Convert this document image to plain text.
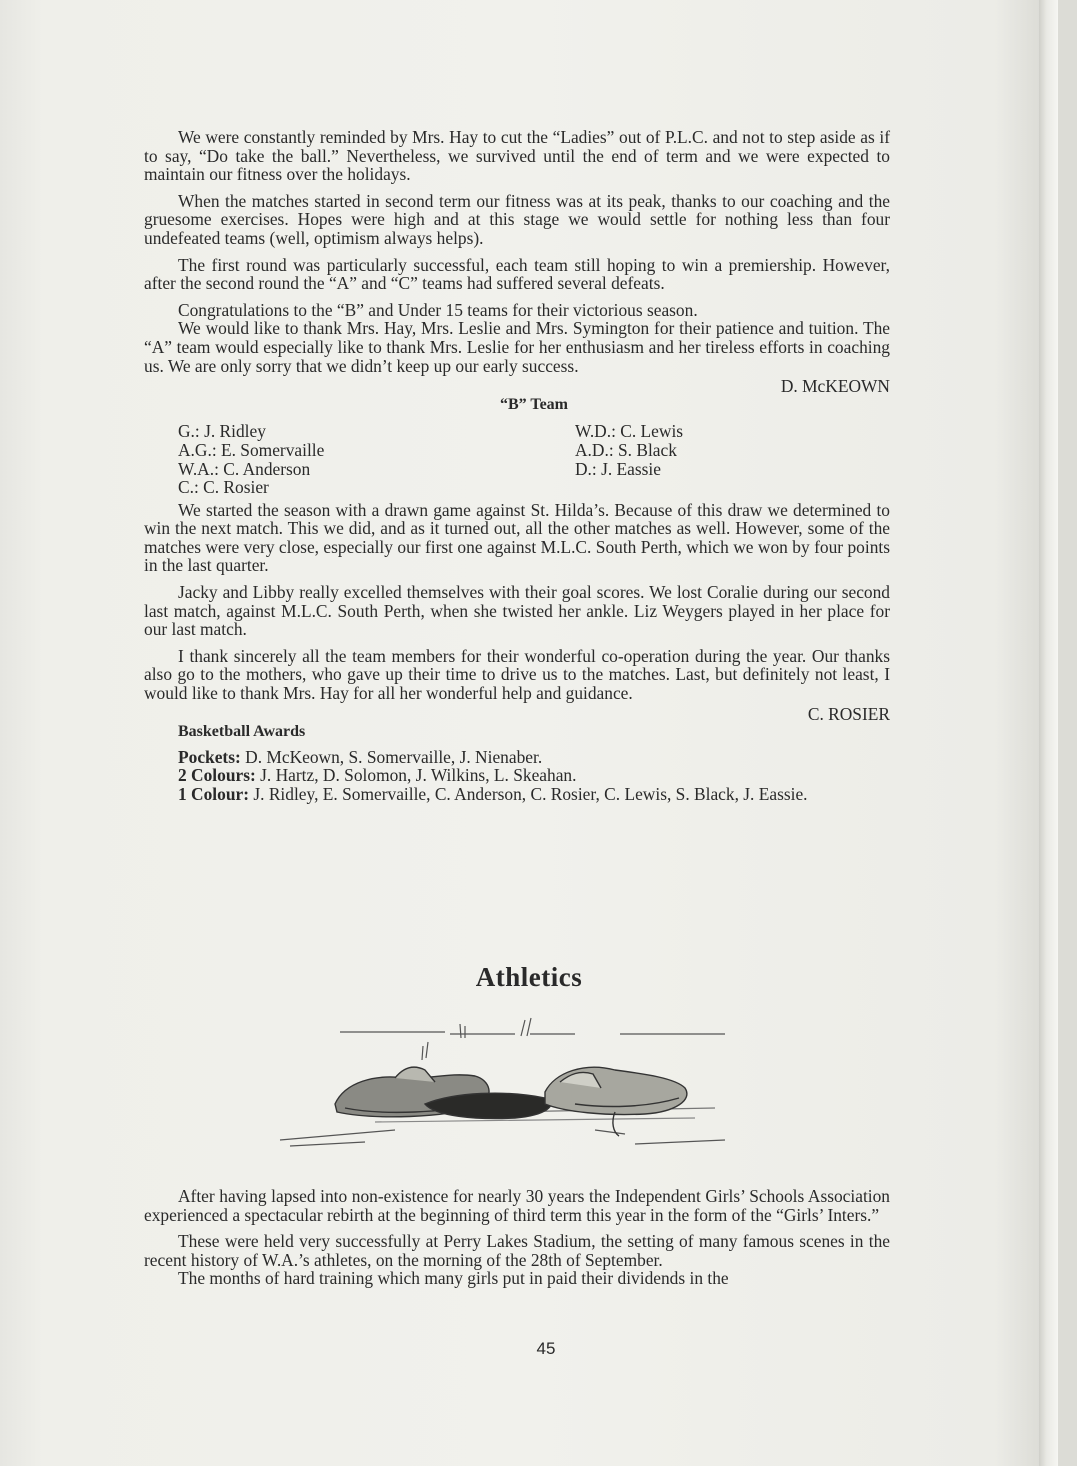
We were constantly reminded by Mrs. Hay to cut the “Ladies” out of P.L.C. and not to step aside as if to say, “Do take the ball.” Nevertheless, we survived until the end of term and we were expected to maintain our fitness over the holidays.

When the matches started in second term our fitness was at its peak, thanks to our coaching and the gruesome exercises. Hopes were high and at this stage we would settle for nothing less than four undefeated teams (well, optimism always helps).

The first round was particularly successful, each team still hoping to win a premiership. However, after the second round the “A” and “C” teams had suffered several defeats.

Congratulations to the “B” and Under 15 teams for their victorious season.

We would like to thank Mrs. Hay, Mrs. Leslie and Mrs. Symington for their patience and tuition. The “A” team would especially like to thank Mrs. Leslie for her enthusiasm and her tireless efforts in coaching us. We are only sorry that we didn’t keep up our early success.

D. McKEOWN

“B” Team

G.: J. Ridley
A.G.: E. Somervaille
W.A.: C. Anderson
C.: C. Rosier
W.D.: C. Lewis
A.D.: S. Black
D.: J. Eassie

We started the season with a drawn game against St. Hilda’s. Because of this draw we determined to win the next match. This we did, and as it turned out, all the other matches as well. However, some of the matches were very close, especially our first one against M.L.C. South Perth, which we won by four points in the last quarter.

Jacky and Libby really excelled themselves with their goal scores. We lost Coralie during our second last match, against M.L.C. South Perth, when she twisted her ankle. Liz Weygers played in her place for our last match.

I thank sincerely all the team members for their wonderful co-operation during the year. Our thanks also go to the mothers, who gave up their time to drive us to the matches. Last, but definitely not least, I would like to thank Mrs. Hay for all her wonderful help and guidance.

C. ROSIER

Basketball Awards

Pockets: D. McKeown, S. Somervaille, J. Nienaber.

2 Colours: J. Hartz, D. Solomon, J. Wilkins, L. Skeahan.

1 Colour: J. Ridley, E. Somervaille, C. Anderson, C. Rosier, C. Lewis, S. Black, J. Eassie.

Athletics

After having lapsed into non-existence for nearly 30 years the Independent Girls’ Schools Association experienced a spectacular rebirth at the beginning of third term this year in the form of the “Girls’ Inters.”

These were held very successfully at Perry Lakes Stadium, the setting of many famous scenes in the recent history of W.A.’s athletes, on the morning of the 28th of September.

The months of hard training which many girls put in paid their dividends in the

45
